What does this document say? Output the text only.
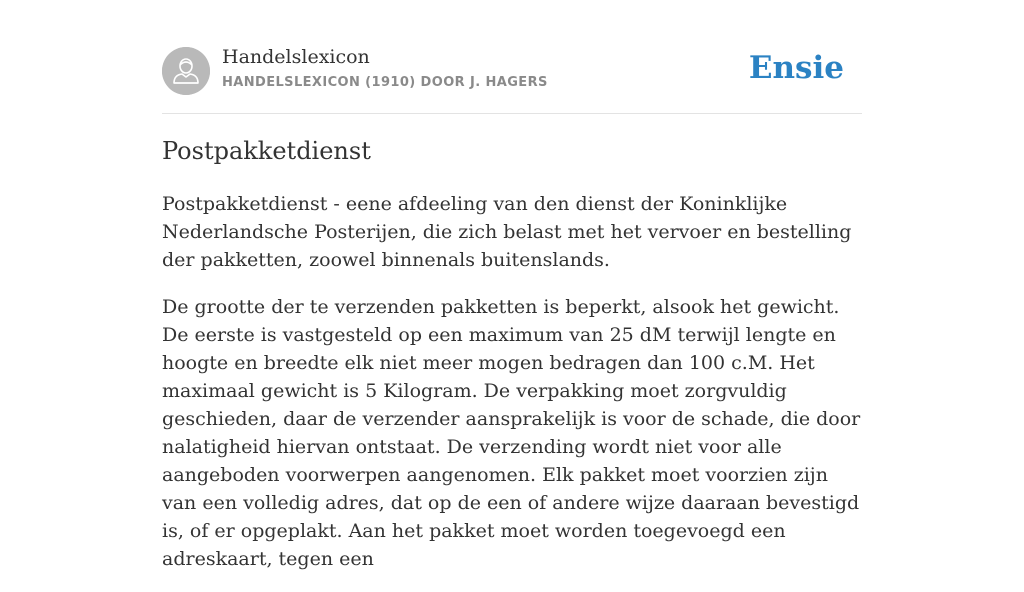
Handelslexicon
HANDELSLEXICON (1910) DOOR J. HAGERS	Ensie
Postpakketdienst

Postpakketdienst - eene afdeeling van den dienst der Koninklijke Nederlandsche Posterijen, die zich belast met het vervoer en bestelling der pakketten, zoowel binnenals buitenslands.

De grootte der te verzenden pakketten is beperkt, alsook het gewicht. De eerste is vastgesteld op een maximum van 25 dM terwijl lengte en hoogte en breedte elk niet meer mogen bedragen dan 100 c.M. Het maximaal gewicht is 5 Kilogram. De verpakking moet zorgvuldig geschieden, daar de verzender aansprakelijk is voor de schade, die door nalatigheid hiervan ontstaat. De verzending wordt niet voor alle aangeboden voorwerpen aangenomen. Elk pakket moet voorzien zijn van een volledig adres, dat op de een of andere wijze daaraan bevestigd is, of er opgeplakt. Aan het pakket moet worden toegevoegd een adreskaart, tegen een
